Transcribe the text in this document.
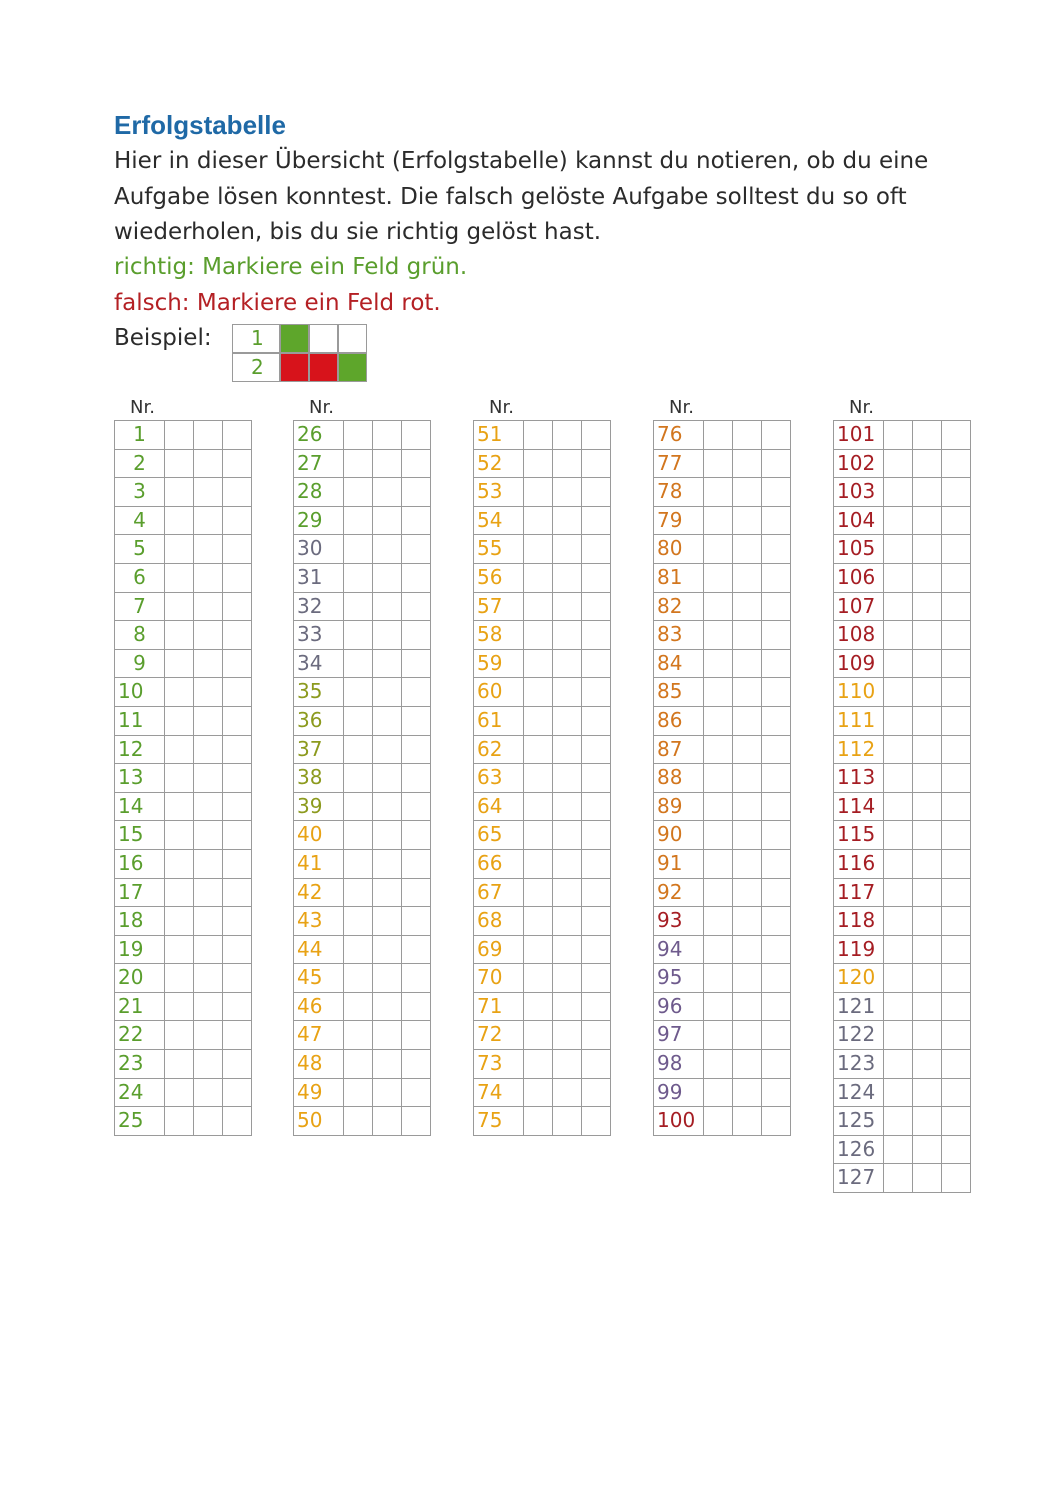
Erfolgstabelle
Hier in dieser Übersicht (Erfolgstabelle) kannst du notieren, ob du eine
Aufgabe lösen konntest. Die falsch gelöste Aufgabe solltest du so oft
wiederholen, bis du sie richtig gelöst hast.
richtig: Markiere ein Feld grün.
falsch: Markiere ein Feld rot.
Beispiel:	1
2
Nr.
1
2
3
4
5
6
7
8
9
10
11
12
13
14
15
16
17
18
19
20
21
22
23
24
25
Nr.
26
27
28
29
30
31
32
33
34
35
36
37
38
39
40
41
42
43
44
45
46
47
48
49
50
Nr.
51
52
53
54
55
56
57
58
59
60
61
62
63
64
65
66
67
68
69
70
71
72
73
74
75
Nr.
76
77
78
79
80
81
82
83
84
85
86
87
88
89
90
91
92
93
94
95
96
97
98
99
100
Nr.
101
102
103
104
105
106
107
108
109
110
111
112
113
114
115
116
117
118
119
120
121
122
123
124
125
126
127
